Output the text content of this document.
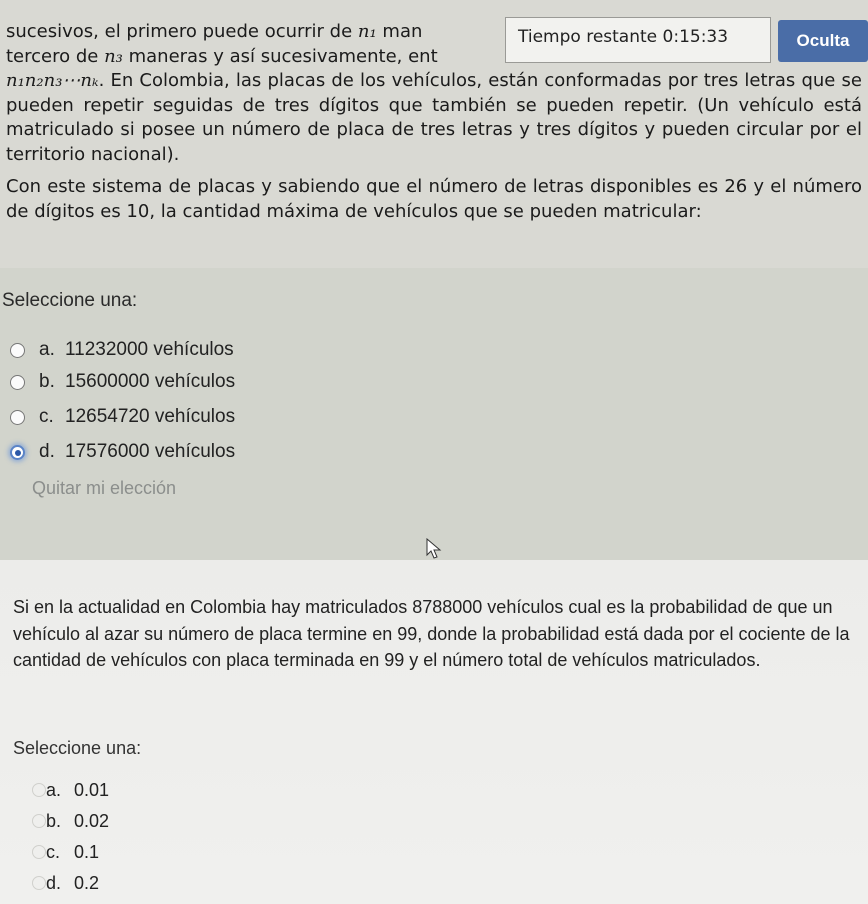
sucesivos, el primero puede ocurrir de n₁ man
tercero de n₃ maneras y así sucesivamente, ent
n₁n₂n₃⋯nₖ. En Colombia, las placas de los vehículos, están conformadas por tres letras que se pueden repetir seguidas de tres dígitos que también se pueden repetir. (Un vehículo está matriculado si posee un número de placa de tres letras y tres dígitos y pueden circular por el territorio nacional).

Con este sistema de placas y sabiendo que el número de letras disponibles es 26 y el número de dígitos es 10, la cantidad máxima de vehículos que se pueden matricular:

Tiempo restante 0:15:33	Oculta
Seleccione una:
a. 11232000 vehículos
b. 15600000 vehículos
c. 12654720 vehículos
d. 17576000 vehículos
Quitar mi elección
Si en la actualidad en Colombia hay matriculados 8788000 vehículos cual es la probabilidad de que un vehículo al azar su número de placa termine en 99, donde la probabilidad está dada por el cociente de la cantidad de vehículos con placa terminada en 99 y el número total de vehículos matriculados.
Seleccione una:
a. 0.01
b. 0.02
c. 0.1
d. 0.2
